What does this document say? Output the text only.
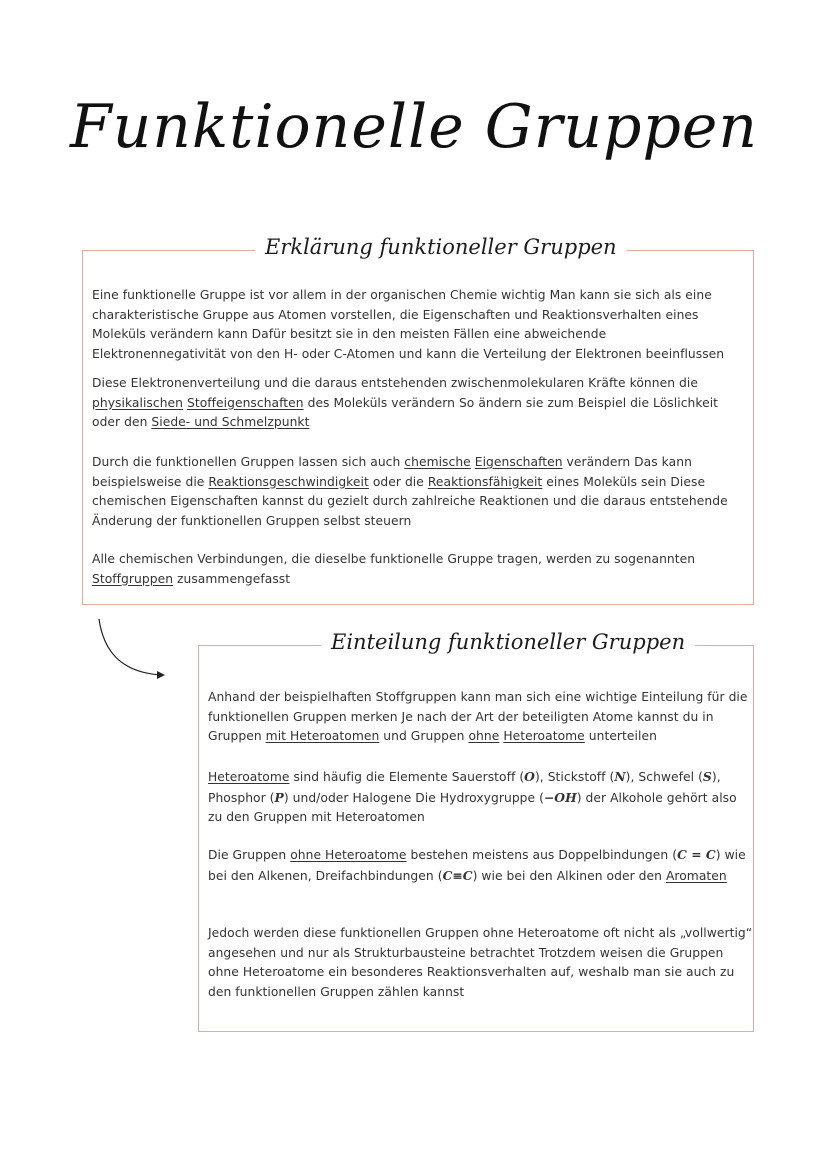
Funktionelle Gruppen
Erklärung funktioneller Gruppen
Eine funktionelle Gruppe ist vor allem in der organischen Chemie wichtig Man kann sie sich als eine charakteristische Gruppe aus Atomen vorstellen, die Eigenschaften und Reaktionsverhalten eines Moleküls verändern kann Dafür besitzt sie in den meisten Fällen eine abweichende Elektronennegativität von den H- oder C-Atomen und kann die Verteilung der Elektronen beeinflussen
Diese Elektronenverteilung und die daraus entstehenden zwischenmolekularen Kräfte können die physikalischen Stoffeigenschaften des Moleküls verändern So ändern sie zum Beispiel die Löslichkeit oder den Siede- und Schmelzpunkt
Durch die funktionellen Gruppen lassen sich auch chemische Eigenschaften verändern Das kann beispielsweise die Reaktionsgeschwindigkeit oder die Reaktionsfähigkeit eines Moleküls sein Diese chemischen Eigenschaften kannst du gezielt durch zahlreiche Reaktionen und die daraus entstehende Änderung der funktionellen Gruppen selbst steuern
Alle chemischen Verbindungen, die dieselbe funktionelle Gruppe tragen, werden zu sogenannten Stoffgruppen zusammengefasst
Einteilung funktioneller Gruppen
Anhand der beispielhaften Stoffgruppen kann man sich eine wichtige Einteilung für die funktionellen Gruppen merken Je nach der Art der beteiligten Atome kannst du in Gruppen mit Heteroatomen und Gruppen ohne Heteroatome unterteilen
Heteroatome sind häufig die Elemente Sauerstoff (O), Stickstoff (N), Schwefel (S), Phosphor (P) und/oder Halogene Die Hydroxygruppe (−OH) der Alkohole gehört also zu den Gruppen mit Heteroatomen
Die Gruppen ohne Heteroatome bestehen meistens aus Doppelbindungen (C = C) wie bei den Alkenen, Dreifachbindungen (C≡C) wie bei den Alkinen oder den Aromaten
Jedoch werden diese funktionellen Gruppen ohne Heteroatome oft nicht als „vollwertig“ angesehen und nur als Strukturbausteine betrachtet Trotzdem weisen die Gruppen ohne Heteroatome ein besonderes Reaktionsverhalten auf, weshalb man sie auch zu den funktionellen Gruppen zählen kannst
